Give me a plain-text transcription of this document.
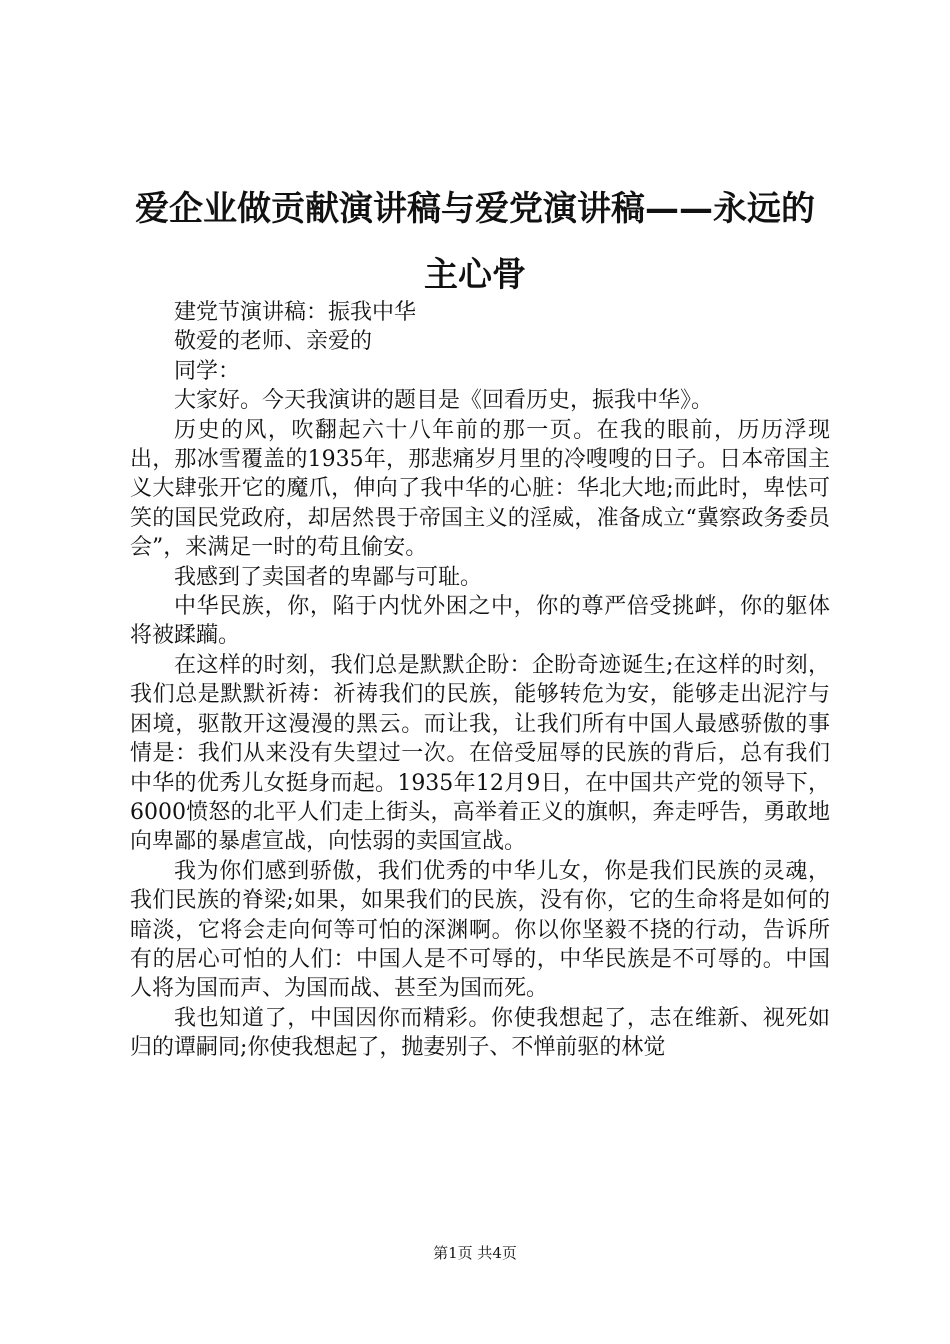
爱企业做贡献演讲稿与爱党演讲稿——永远的主心骨

建党节演讲稿：振我中华

敬爱的老师、亲爱的

同学：

大家好。今天我演讲的题目是《回看历史，振我中华》。

历史的风，吹翻起六十八年前的那一页。在我的眼前，历历浮现出，那冰雪覆盖的1935年，那悲痛岁月里的冷嗖嗖的日子。日本帝国主义大肆张开它的魔爪，伸向了我中华的心脏：华北大地;而此时，卑怯可笑的国民党政府，却居然畏于帝国主义的淫威，准备成立“冀察政务委员会”，来满足一时的苟且偷安。

我感到了卖国者的卑鄙与可耻。

中华民族，你，陷于内忧外困之中，你的尊严倍受挑衅，你的躯体将被蹂躏。

在这样的时刻，我们总是默默企盼：企盼奇迹诞生;在这样的时刻，我们总是默默祈祷：祈祷我们的民族，能够转危为安，能够走出泥泞与困境，驱散开这漫漫的黑云。而让我，让我们所有中国人最感骄傲的事情是：我们从来没有失望过一次。在倍受屈辱的民族的背后，总有我们中华的优秀儿女挺身而起。1935年12月9日，在中国共产党的领导下，6000愤怒的北平人们走上街头，高举着正义的旗帜，奔走呼告，勇敢地向卑鄙的暴虐宣战，向怯弱的卖国宣战。

我为你们感到骄傲，我们优秀的中华儿女，你是我们民族的灵魂，我们民族的脊梁;如果，如果我们的民族，没有你，它的生命将是如何的暗淡，它将会走向何等可怕的深渊啊。你以你坚毅不挠的行动，告诉所有的居心可怕的人们：中国人是不可辱的，中华民族是不可辱的。中国人将为国而声、为国而战、甚至为国而死。

我也知道了，中国因你而精彩。你使我想起了，志在维新、视死如归的谭嗣同;你使我想起了，抛妻别子、不惮前驱的林觉

第1页 共4页
